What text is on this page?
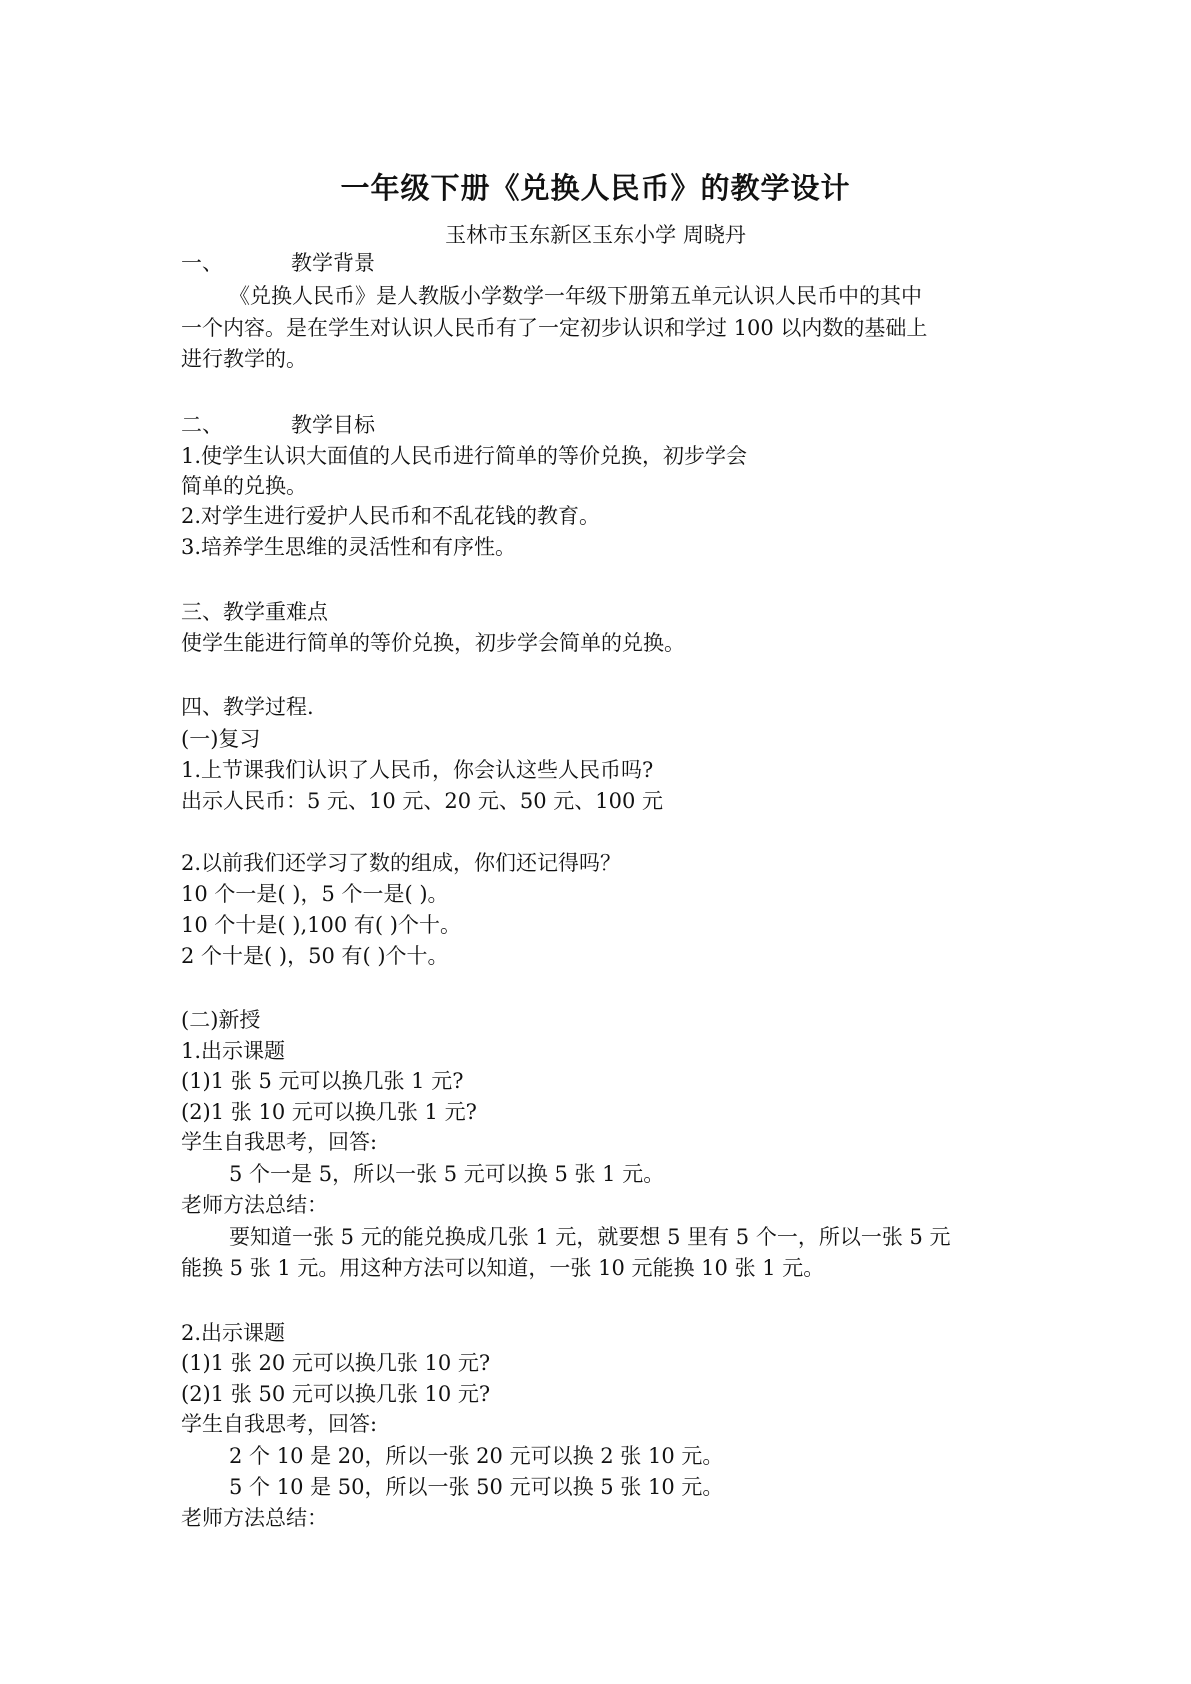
一年级下册《兑换人民币》的教学设计
玉林市玉东新区玉东小学 周晓丹
一、	教学背景
《兑换人民币》是人教版小学数学一年级下册第五单元认识人民币中的其中
一个内容。是在学生对认识人民币有了一定初步认识和学过 100 以内数的基础上
进行教学的。
二、	教学目标
1.使学生认识大面值的人民币进行简单的等价兑换，初步学会
简单的兑换。
2.对学生进行爱护人民币和不乱花钱的教育。
3.培养学生思维的灵活性和有序性。
三、教学重难点
使学生能进行简单的等价兑换，初步学会简单的兑换。
四、教学过程.
(一)复习
1.上节课我们认识了人民币，你会认这些人民币吗?
出示人民币：5 元、10 元、20 元、50 元、100 元
2.以前我们还学习了数的组成，你们还记得吗？
10 个一是( )，5 个一是( )。
10 个十是( ),100 有( )个十。
2 个十是( )，50 有( )个十。
(二)新授
1.出示课题
(1)1 张 5 元可以换几张 1 元?
(2)1 张 10 元可以换几张 1 元?
学生自我思考，回答:
5 个一是 5，所以一张 5 元可以换 5 张 1 元。
老师方法总结：
要知道一张 5 元的能兑换成几张 1 元，就要想 5 里有 5 个一，所以一张 5 元
能换 5 张 1 元。用这种方法可以知道，一张 10 元能换 10 张 1 元。
2.出示课题
(1)1 张 20 元可以换几张 10 元?
(2)1 张 50 元可以换几张 10 元?
学生自我思考，回答:
2 个 10 是 20，所以一张 20 元可以换 2 张 10 元。
5 个 10 是 50，所以一张 50 元可以换 5 张 10 元。
老师方法总结：
